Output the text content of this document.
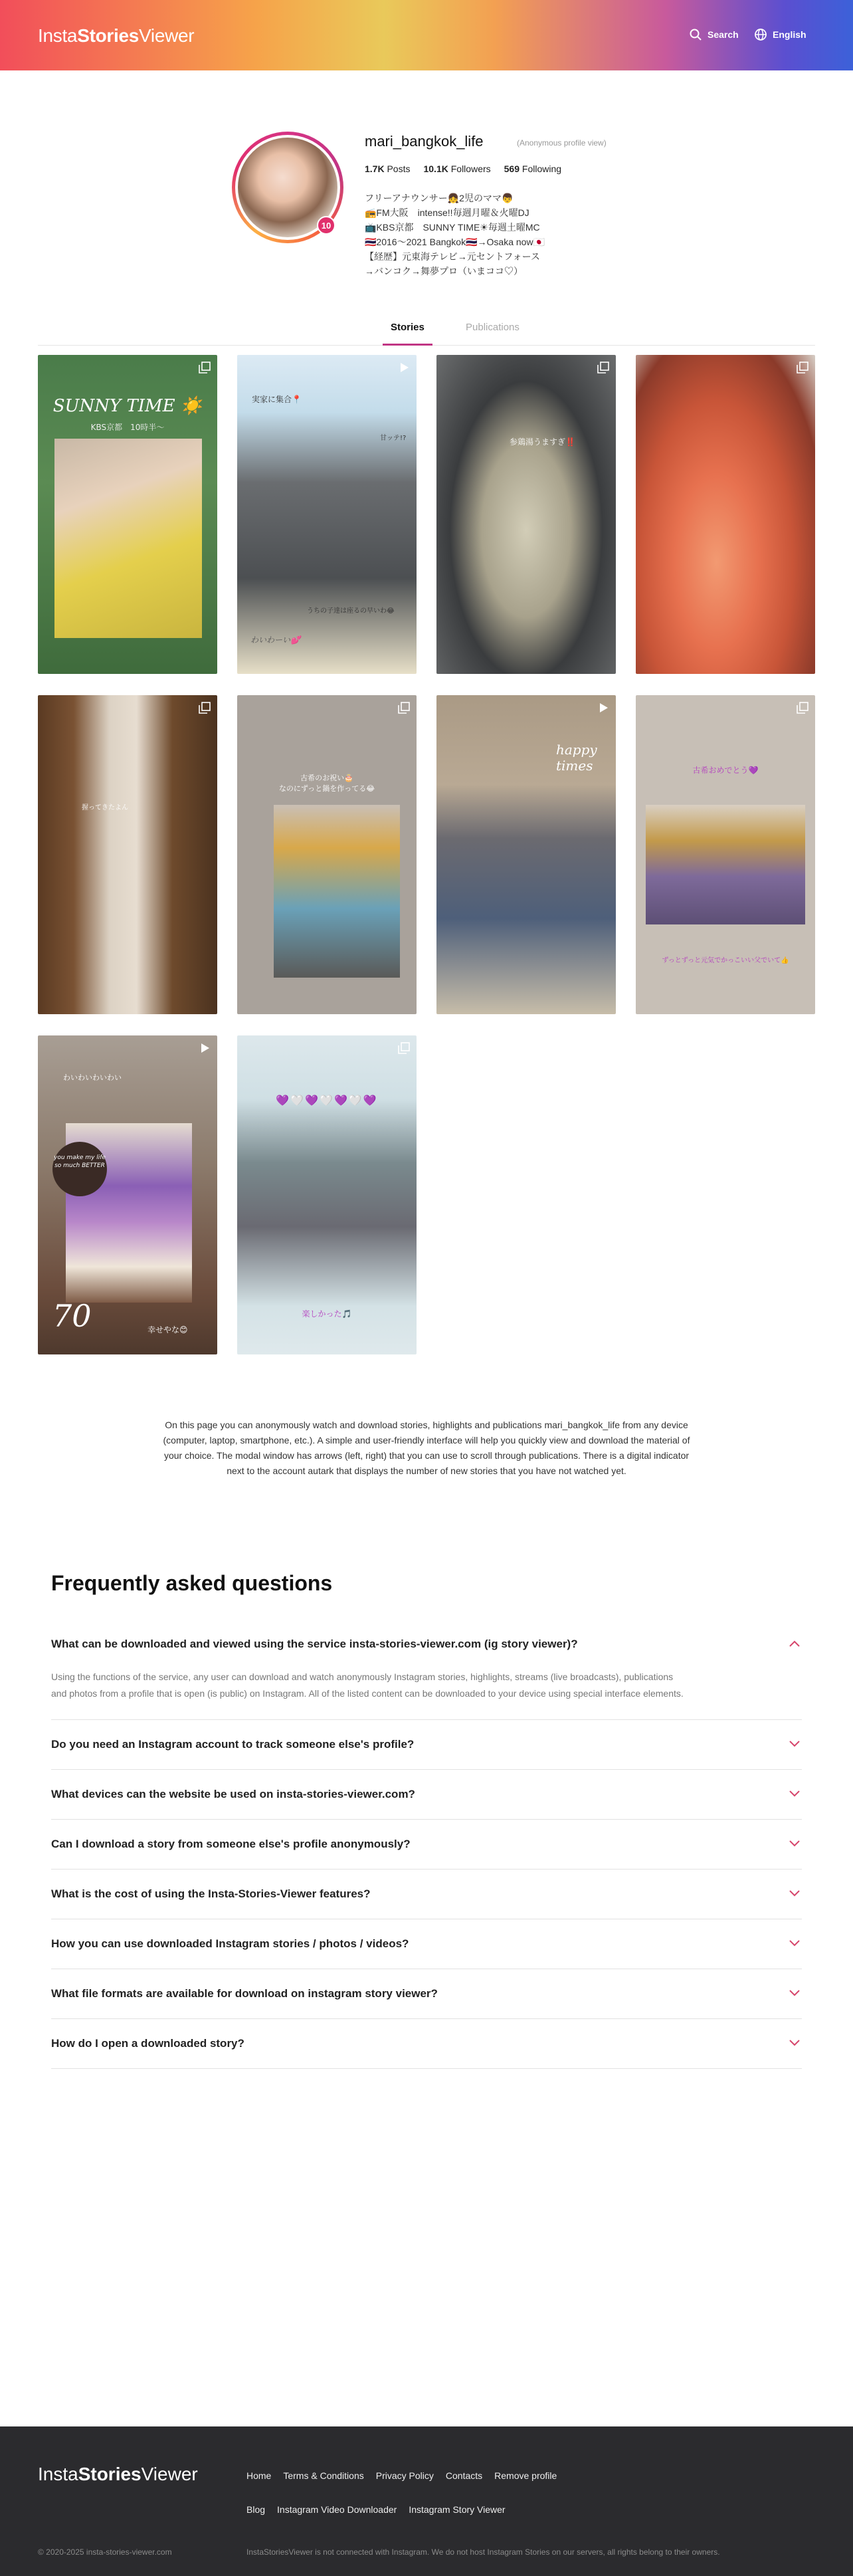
InstaStoriesViewer	Search	English
10
mari_bangkok_life	(Anonymous profile view)
1.7K Posts 10.1K Followers 569 Following
フリーアナウンサー👧2児のママ👦
📻FM大阪　intense!!毎週月曜＆火曜DJ
📺KBS京都　SUNNY TIME☀毎週土曜MC
🇹🇭2016〜2021 Bangkok🇹🇭→Osaka now🇯🇵
【経歴】元東海テレビ→元セントフォース
→バンコク→舞夢プロ（いまココ♡）
Stories	Publications
SUNNY TIME ☀️
KBS京都　10時半〜
実家に集合📍
甘ッテ!?
うちの子達は座るの早いわ😂
わいわーい💕
参鶏湯うますぎ‼️
握ってきたよん
古希のお祝い🎂
なのにずっと鍋を作ってる😂
happy
times	古希おめでとう💜
ずっとずっと元気でかっこいい父でいて👍
わいわいわいわい
you make my life so much BETTER
70	幸せやな😊
💜🤍💜🤍💜🤍💜
楽しかった🎵
On this page you can anonymously watch and download stories, highlights and publications mari_bangkok_life from any device (computer, laptop, smartphone, etc.). A simple and user-friendly interface will help you quickly view and download the material of your choice. The modal window has arrows (left, right) that you can use to scroll through publications. There is a digital indicator next to the account autark that displays the number of new stories that you have not watched yet.
Frequently asked questions
What can be downloaded and viewed using the service insta-stories-viewer.com (ig story viewer)?
Using the functions of the service, any user can download and watch anonymously Instagram stories, highlights, streams (live broadcasts), publications and photos from a profile that is open (is public) on Instagram. All of the listed content can be downloaded to your device using special interface elements.
Do you need an Instagram account to track someone else's profile?
What devices can the website be used on insta-stories-viewer.com?
Can I download a story from someone else's profile anonymously?
What is the cost of using the Insta-Stories-Viewer features?
How you can use downloaded Instagram stories / photos / videos?
What file formats are available for download on instagram story viewer?
How do I open a downloaded story?
InstaStoriesViewer	Home Terms & Conditions Privacy Policy Contacts Remove profile
Blog Instagram Video Downloader Instagram Story Viewer
© 2020-2025 insta-stories-viewer.com	InstaStoriesViewer is not connected with Instagram. We do not host Instagram Stories on our servers, all rights belong to their owners.
